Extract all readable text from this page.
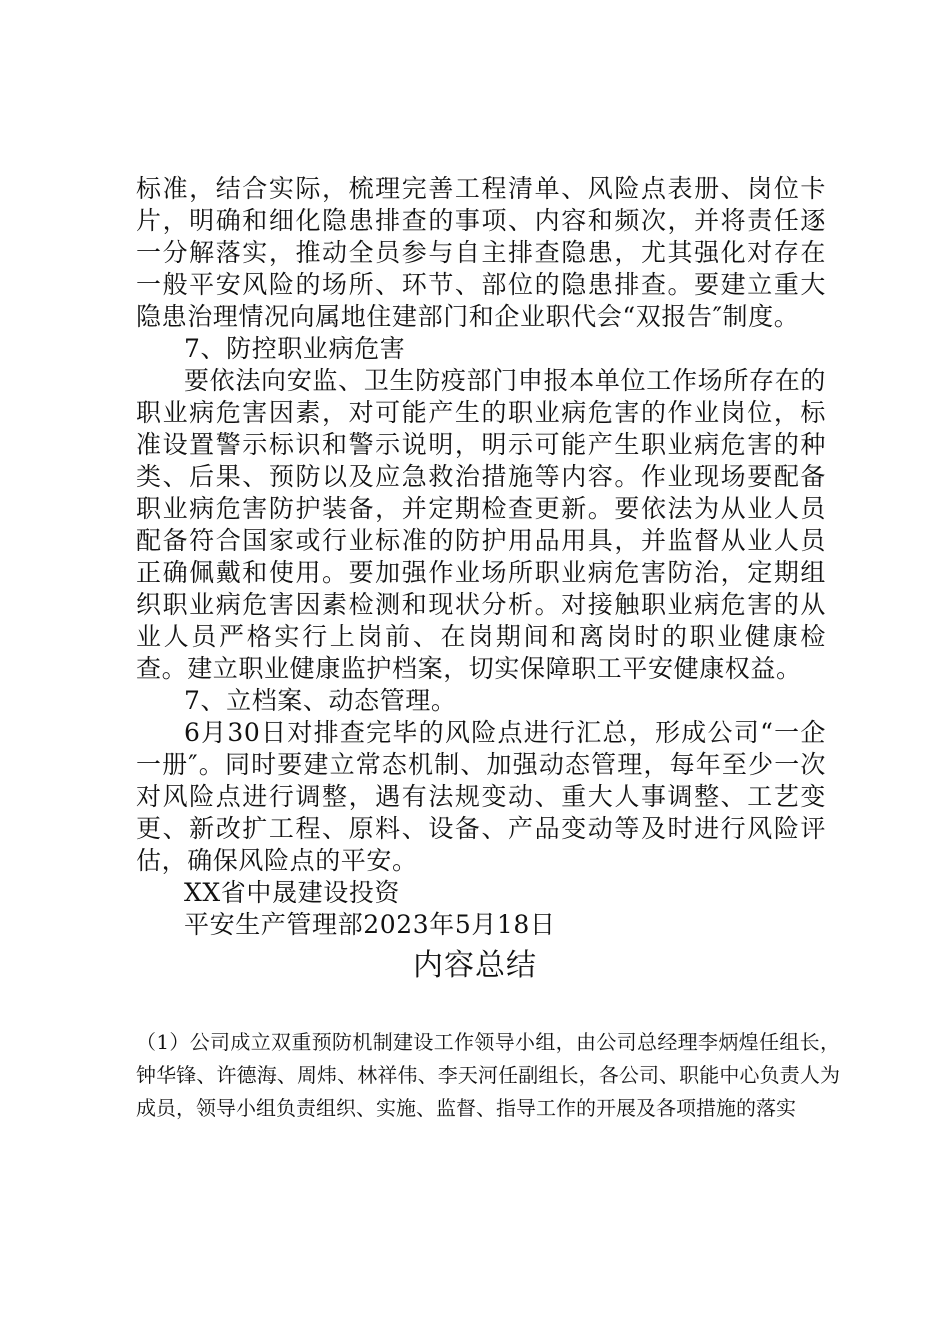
标准，结合实际，梳理完善工程清单、风险点表册、岗位卡片，明确和细化隐患排查的事项、内容和频次，并将责任逐一分解落实，推动全员参与自主排查隐患，尤其强化对存在一般平安风险的场所、环节、部位的隐患排查。要建立重大隐患治理情况向属地住建部门和企业职代会“双报告″制度。

7、防控职业病危害

要依法向安监、卫生防疫部门申报本单位工作场所存在的职业病危害因素，对可能产生的职业病危害的作业岗位，标准设置警示标识和警示说明，明示可能产生职业病危害的种类、后果、预防以及应急救治措施等内容。作业现场要配备职业病危害防护装备，并定期检查更新。要依法为从业人员配备符合国家或行业标准的防护用品用具，并监督从业人员正确佩戴和使用。要加强作业场所职业病危害防治，定期组织职业病危害因素检测和现状分析。对接触职业病危害的从业人员严格实行上岗前、在岗期间和离岗时的职业健康检查。建立职业健康监护档案，切实保障职工平安健康权益。

7、立档案、动态管理。

6月30日对排查完毕的风险点进行汇总，形成公司“一企一册″。同时要建立常态机制、加强动态管理，每年至少一次对风险点进行调整，遇有法规变动、重大人事调整、工艺变更、新改扩工程、原料、设备、产品变动等及时进行风险评估，确保风险点的平安。

XX省中晟建设投资

平安生产管理部2023年5月18日

内容总结

（1）公司成立双重预防机制建设工作领导小组，由公司总经理李炳煌任组长，钟华锋、许德海、周炜、林祥伟、李天河任副组长，各公司、职能中心负责人为成员，领导小组负责组织、实施、监督、指导工作的开展及各项措施的落实
